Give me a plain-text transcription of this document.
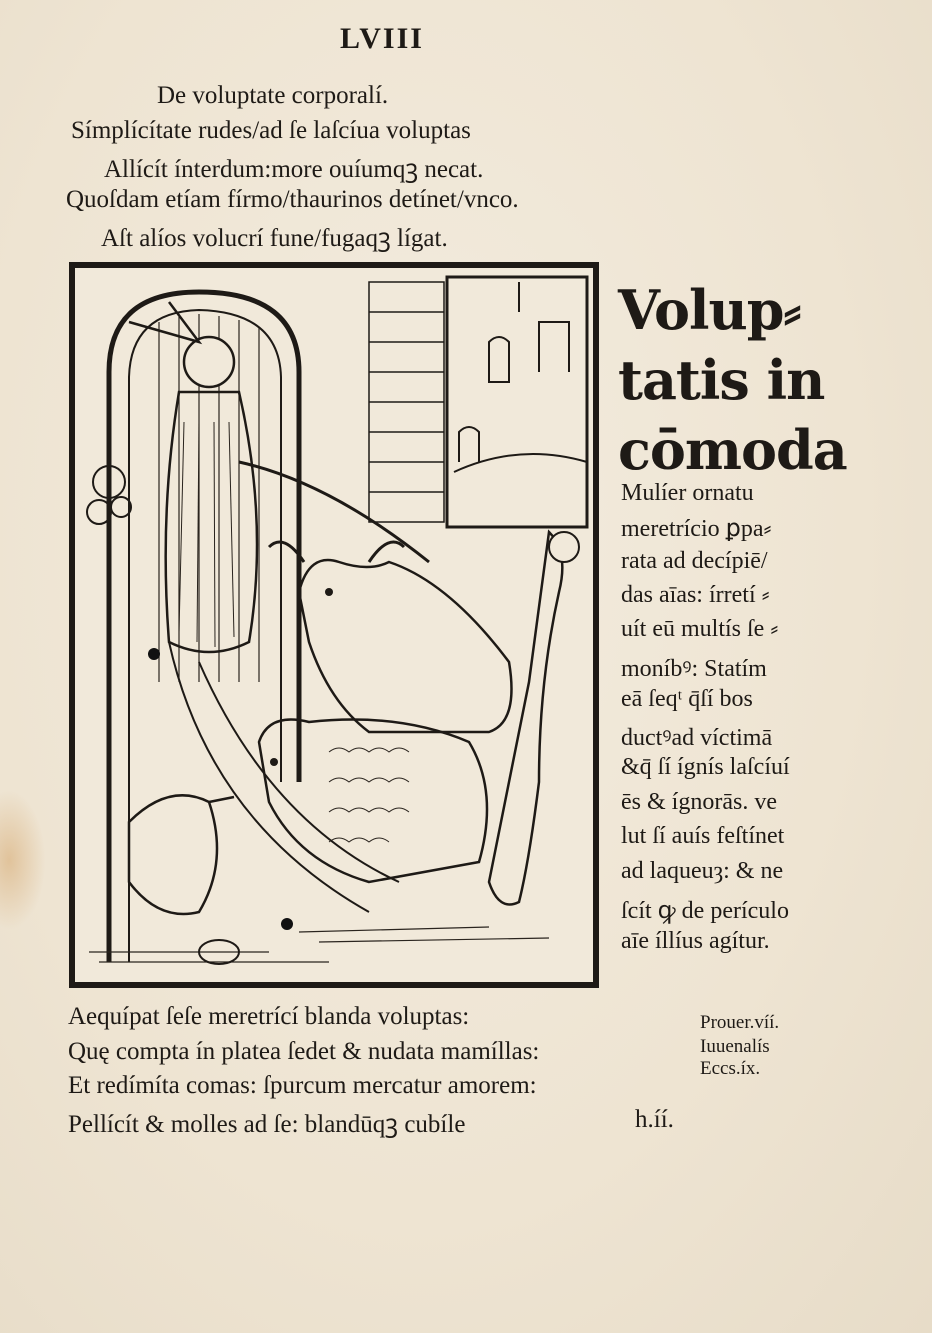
LVIII
De voluptate corporalí.
Símplícítate rudes/ad ſe laſcíua voluptas
Allícít ínterdum:more ouíumqꝫ necat.
Quoſdam etíam fírmo/thaurinos detínet/vnco.
Aſt alíos volucrí fune/fugaqꝫ lígat.
Volup⸗
tatis in
cōmoda
Mulíer ornatu
meretrício ꝑpa⸗
rata ad decípiē/
das aīas: írretí ⸗
uít eū multís ſe ⸗
moníbꝰ: Statím
eā ſeqᵗ q̄ſí bos
ductꝰad víctimā
&q̄ ſí ígnís laſcíuí
ēs & ígnorās. ve
lut ſí auís feſtínet
ad laqueuȝ: & ne
ſcít ꝙ de perículo
aīe íllíus agítur.
Aequípat ſeſe meretrící blanda voluptas:
Quę compta ín platea ſedet & nudata mamíllas:
Et redímíta comas: ſpurcum mercatur amorem:
Pellícít & molles ad ſe: blandūqꝫ cubíle
Prouer.víí.
Iuuenalís
Eccs.íx.
h.íí.
